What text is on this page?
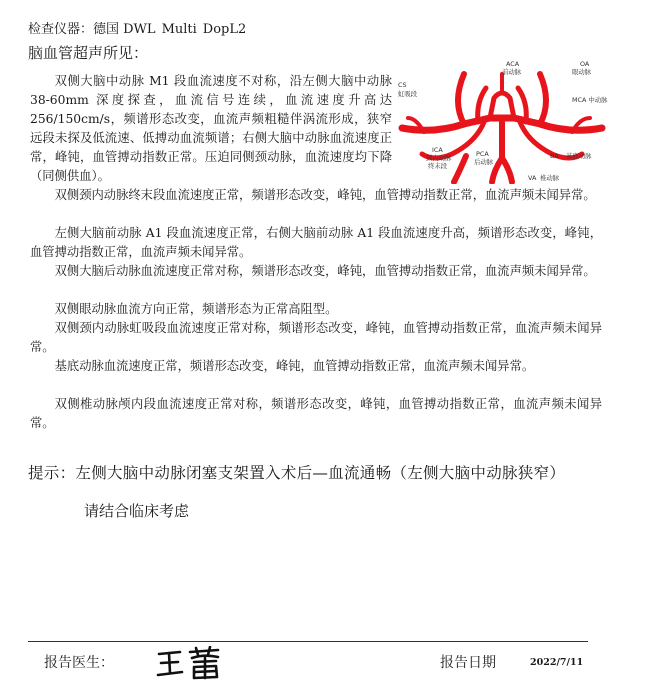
检查仪器：德国 DWL Multi DopL2
脑血管超声所见：

双侧大脑中动脉 M1 段血流速度不对称，沿左侧大脑中动脉 38-60mm 深度探查，血流信号连续，血流速度升高达 256/150cm/s，频谱形态改变，血流声频粗糙伴涡流形成，狭窄远段未探及低流速、低搏动血流频谱；右侧大脑中动脉血流速度正常，峰钝，血管搏动指数正常。压迫同侧颈动脉，血流速度均下降（同侧供血）。

双侧颈内动脉终末段血流速度正常，频谱形态改变，峰钝，血管搏动指数正常，血流声频未闻异常。

左侧大脑前动脉 A1 段血流速度正常，右侧大脑前动脉 A1 段血流速度升高，频谱形态改变，峰钝，血管搏动指数正常，血流声频未闻异常。

双侧大脑后动脉血流速度正常对称，频谱形态改变，峰钝，血管搏动指数正常，血流声频未闻异常。

双侧眼动脉血流方向正常，频谱形态为正常高阻型。

双侧颈内动脉虹吸段血流速度正常对称，频谱形态改变，峰钝，血管搏动指数正常，血流声频未闻异常。

基底动脉血流速度正常，频谱形态改变，峰钝，血管搏动指数正常，血流声频未闻异常。

双侧椎动脉颅内段血流速度正常对称，频谱形态改变，峰钝，血管搏动指数正常，血流声频未闻异常。

CS
虹吸段
ACA
前动脉
OA
眼动脉
MCA 中动脉
ICA
颈内动脉
终末段
PCA
后动脉
BA 基底动脉
VA 椎动脉
提示：左侧大脑中动脉闭塞支架置入术后—血流通畅（左侧大脑中动脉狭窄）
请结合临床考虑
报告医生：	报告日期	2022/7/11
